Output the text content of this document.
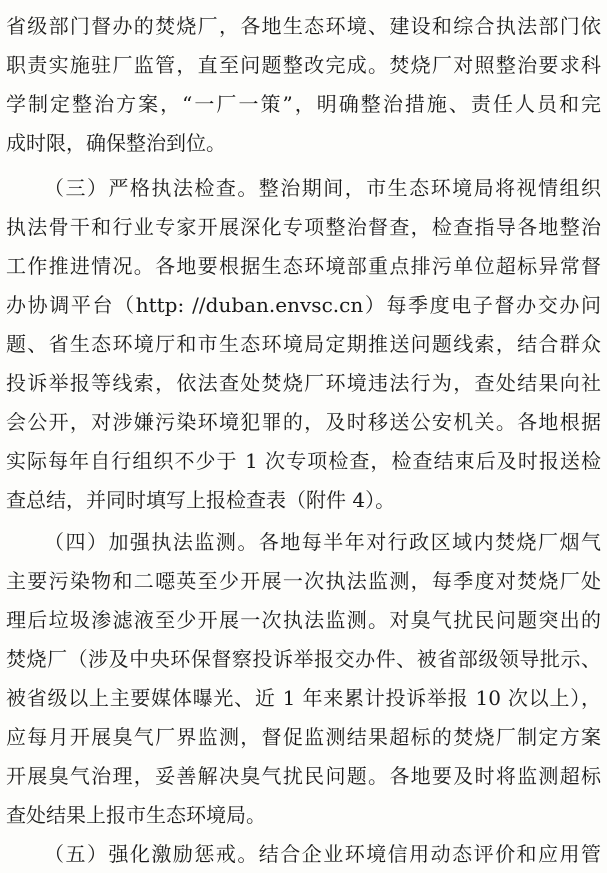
省级部门督办的焚烧厂，各地生态环境、建设和综合执法部门依
职责实施驻厂监管，直至问题整改完成。焚烧厂对照整治要求科
学制定整治方案，“一厂一策”，明确整治措施、责任人员和完
成时限，确保整治到位。
（三）严格执法检查。整治期间，市生态环境局将视情组织
执法骨干和行业专家开展深化专项整治督查，检查指导各地整治
工作推进情况。各地要根据生态环境部重点排污单位超标异常督
办协调平台（http: //duban.envsc.cn）每季度电子督办交办问
题、省生态环境厅和市生态环境局定期推送问题线索，结合群众
投诉举报等线索，依法查处焚烧厂环境违法行为，查处结果向社
会公开，对涉嫌污染环境犯罪的，及时移送公安机关。各地根据
实际每年自行组织不少于 1 次专项检查，检查结束后及时报送检
查总结，并同时填写上报检查表（附件 4）。
（四）加强执法监测。各地每半年对行政区域内焚烧厂烟气
主要污染物和二噁英至少开展一次执法监测，每季度对焚烧厂处
理后垃圾渗滤液至少开展一次执法监测。对臭气扰民问题突出的
焚烧厂（涉及中央环保督察投诉举报交办件、被省部级领导批示、
被省级以上主要媒体曝光、近 1 年来累计投诉举报 10 次以上），
应每月开展臭气厂界监测，督促监测结果超标的焚烧厂制定方案
开展臭气治理，妥善解决臭气扰民问题。各地要及时将监测超标
查处结果上报市生态环境局。
（五）强化激励惩戒。结合企业环境信用动态评价和应用管
